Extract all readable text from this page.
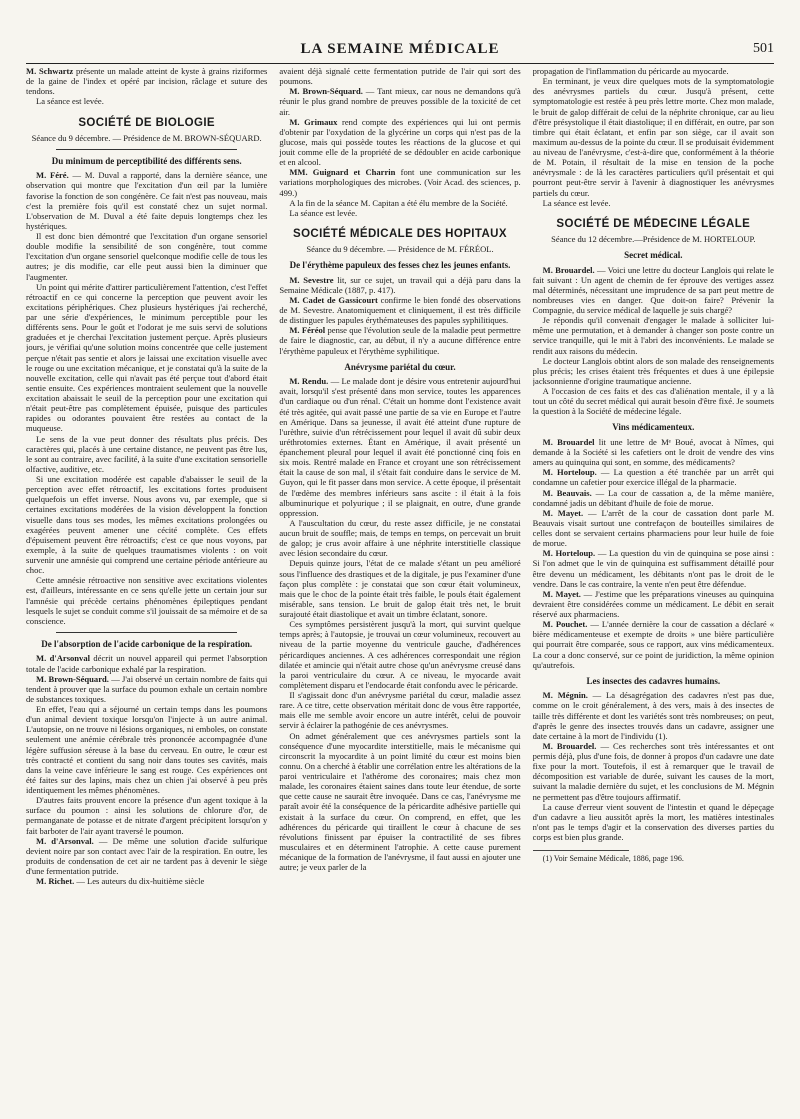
LA SEMAINE MÉDICALE	501

M. Schwartz présente un malade atteint de kyste à grains riziformes de la gaine de l'index et opéré par incision, râclage et suture des tendons.

La séance est levée.

SOCIÉTÉ DE BIOLOGIE
Séance du 9 décembre. — Présidence de M. BROWN-SÉQUARD.
Du minimum de perceptibilité des différents sens.

M. Féré. — M. Duval a rapporté, dans la dernière séance, une observation qui montre que l'excitation d'un œil par la lumière favorise la fonction de son congénère. Ce fait n'est pas nouveau, mais c'est la première fois qu'il est constaté chez un sujet normal. L'observation de M. Duval a été faite depuis longtemps chez les hystériques.

Il est donc bien démontré que l'excitation d'un organe sensoriel double modifie la sensibilité de son congénère, tout comme l'excitation d'un organe sensoriel quelconque modifie celle de tous les autres; je dis modifie, car elle peut aussi bien la diminuer que l'augmenter.

Un point qui mérite d'attirer particulièrement l'attention, c'est l'effet rétroactif en ce qui concerne la perception que peuvent avoir les excitations périphériques. Chez plusieurs hystériques j'ai recherché, par une série d'expériences, le minimum perceptible pour les différents sens. Pour le goût et l'odorat je me suis servi de solutions graduées et je cherchai l'excitation justement perçue. Après plusieurs jours, je vérifiai qu'une solution moins concentrée que celle justement perçue n'était pas sentie et alors je laissai une excitation visuelle avec le rouge ou une excitation mécanique, et je constatai qu'à la suite de la nouvelle excitation, celle qui n'avait pas été perçue tout d'abord était sentie ensuite. Ces expériences montraient seulement que la nouvelle excitation abaissait le seuil de la perception pour une excitation qui n'était peut-être pas complètement épuisée, puisque des particules rapides ou odorantes pouvaient être restées au contact de la muqueuse.

Le sens de la vue peut donner des résultats plus précis. Des caractères qui, placés à une certaine distance, ne peuvent pas être lus, le sont au contraire, avec facilité, à la suite d'une excitation sensorielle olfactive, auditive, etc.

Si une excitation modérée est capable d'abaisser le seuil de la perception avec effet rétroactif, les excitations fortes produisent quelquefois un effet inverse. Nous avons vu, par exemple, que si certaines excitations modérées de la vision développent la fonction visuelle dans tous ses modes, les mêmes excitations prolongées ou exagérées peuvent amener une cécité complète. Ces effets d'épuisement peuvent être rétroactifs; c'est ce que nous voyons, par exemple, à la suite de quelques traumatismes violents : on voit survenir une amnésie qui comprend une certaine période antérieure au choc.

Cette amnésie rétroactive non sensitive avec excitations violentes est, d'ailleurs, intéressante en ce sens qu'elle jette un certain jour sur l'amnésie qui précède certains phénomènes épileptiques pendant lesquels le sujet se conduit comme s'il jouissait de sa mémoire et de sa conscience.

De l'absorption de l'acide carbonique de la respiration.

M. d'Arsonval décrit un nouvel appareil qui permet l'absorption totale de l'acide carbonique exhalé par la respiration.

M. Brown-Séquard. — J'ai observé un certain nombre de faits qui tendent à prouver que la surface du poumon exhale un certain nombre de substances toxiques.

En effet, l'eau qui a séjourné un certain temps dans les poumons d'un animal devient toxique lorsqu'on l'injecte à un autre animal. L'autopsie, on ne trouve ni lésions organiques, ni emboles, on constate seulement une anémie cérébrale très prononcée accompagnée d'une légère suffusion séreuse à la base du cerveau. En outre, le cœur est très contracté et contient du sang noir dans toutes ses cavités, mais dans la veine cave inférieure le sang est rouge. Ces expériences ont été faites sur des lapins, mais chez un chien j'ai observé à peu près identiquement les mêmes phénomènes.

D'autres faits prouvent encore la présence d'un agent toxique à la surface du poumon : ainsi les solutions de chlorure d'or, de permanganate de potasse et de nitrate d'argent précipitent lorsqu'on y fait barboter de l'air ayant traversé le poumon.

M. d'Arsonval. — De même une solution d'acide sulfurique devient noire par son contact avec l'air de la respiration. En outre, les produits de condensation de cet air ne tardent pas à devenir le siège d'une fermentation putride.

M. Richet. — Les auteurs du dix-huitième siècle

avaient déjà signalé cette fermentation putride de l'air qui sort des poumons.

M. Brown-Séquard. — Tant mieux, car nous ne demandons qu'à réunir le plus grand nombre de preuves possible de la toxicité de cet air.

M. Grimaux rend compte des expériences qui lui ont permis d'obtenir par l'oxydation de la glycérine un corps qui n'est pas de la glucose, mais qui possède toutes les réactions de la glucose et qui jouit comme elle de la propriété de se dédoubler en acide carbonique et en alcool.

MM. Guignard et Charrin font une communication sur les variations morphologiques des microbes. (Voir Acad. des sciences, p. 499.)

A la fin de la séance M. Capitan a été élu membre de la Société.

La séance est levée.

SOCIÉTÉ MÉDICALE DES HOPITAUX
Séance du 9 décembre. — Présidence de M. FÉRÉOL.
De l'érythème papuleux des fesses chez les jeunes enfants.

M. Sevestre lit, sur ce sujet, un travail qui a déjà paru dans la Semaine Médicale (1887, p. 417).

M. Cadet de Gassicourt confirme le bien fondé des observations de M. Sevestre. Anatomiquement et cliniquement, il est très difficile de distinguer les papules érythémateuses des papules syphilitiques.

M. Féréol pense que l'évolution seule de la maladie peut permettre de faire le diagnostic, car, au début, il n'y a aucune différence entre l'érythème papuleux et l'érythème syphilitique.

Anévrysme pariétal du cœur.

M. Rendu. — Le malade dont je désire vous entretenir aujourd'hui avait, lorsqu'il s'est présenté dans mon service, toutes les apparences d'un cardiaque ou d'un rénal. C'était un homme dont l'existence avait été très agitée, qui avait passé une partie de sa vie en Europe et l'autre en Amérique. Dans sa jeunesse, il avait été atteint d'une rupture de l'urèthre, suivie d'un rétrécissement pour lequel il avait dû subir deux uréthrotomies externes. Étant en Amérique, il avait présenté un épanchement pleural pour lequel il avait été ponctionné cinq fois en six mois. Rentré malade en France et croyant une son rétrécissement était la cause de son mal, il s'était fait conduire dans le service de M. Guyon, qui le fit passer dans mon service. A cette époque, il présentait de l'œdème des membres inférieurs sans ascite : il était à la fois albuminurique et polyurique ; il se plaignait, en outre, d'une grande oppression.

A l'auscultation du cœur, du reste assez difficile, je ne constatai aucun bruit de souffle; mais, de temps en temps, on percevait un bruit de galop; je crus avoir affaire à une néphrite interstitielle classique avec lésion secondaire du cœur.

Depuis quinze jours, l'état de ce malade s'étant un peu amélioré sous l'influence des drastiques et de la digitale, je pus l'examiner d'une façon plus complète : je constatai que son cœur était volumineux, mais que le choc de la pointe était très faible, le pouls était également misérable, sans tension. Le bruit de galop était très net, le bruit surajouté était diastolique et avait un timbre éclatant, sonore.

Ces symptômes persistèrent jusqu'à la mort, qui survint quelque temps après; à l'autopsie, je trouvai un cœur volumineux, recouvert au niveau de la partie moyenne du ventricule gauche, d'adhérences péricardiques anciennes. A ces adhérences correspondait une région dilatée et amincie qui n'était autre chose qu'un anévrysme creusé dans la paroi ventriculaire du cœur. A ce niveau, le myocarde avait complètement disparu et l'endocarde était confondu avec le péricarde.

Il s'agissait donc d'un anévrysme pariétal du cœur, maladie assez rare. A ce titre, cette observation méritait donc de vous être rapportée, mais elle me semble avoir encore un autre intérêt, celui de pouvoir servir à éclairer la pathogénie de ces anévrysmes.

On admet généralement que ces anévrysmes partiels sont la conséquence d'une myocardite interstitielle, mais le mécanisme qui circonscrit la myocardite à un point limité du cœur est moins bien connu. On a cherché à établir une corrélation entre les altérations de la paroi ventriculaire et l'athérome des coronaires; mais chez mon malade, les coronaires étaient saines dans toute leur étendue, de sorte que cette cause ne saurait être invoquée. Dans ce cas, l'anévrysme me paraît avoir été la conséquence de la péricardite adhésive partielle qui existait à la surface du cœur. On comprend, en effet, que les adhérences du péricarde qui tiraillent le cœur à chacune de ses révolutions finissent par épuiser la contractilité de ses fibres musculaires et en déterminent l'atrophie. A cette cause purement mécanique de la formation de l'anévrysme, il faut aussi en ajouter une autre; je veux parler de la

propagation de l'inflammation du péricarde au myocarde.

En terminant, je veux dire quelques mots de la symptomatologie des anévrysmes partiels du cœur. Jusqu'à présent, cette symptomatologie est restée à peu près lettre morte. Chez mon malade, le bruit de galop différait de celui de la néphrite chronique, car au lieu d'être présystolique il était diastolique; il en différait, en outre, par son timbre qui était éclatant, et enfin par son siège, car il avait son maximum au-dessus de la pointe du cœur. Il se produisait évidemment au niveau de l'anévrysme, c'est-à-dire que, conformément à la théorie de M. Potain, il résultait de la mise en tension de la poche anévrysmale : de là les caractères particuliers qu'il présentait et qui pourront peut-être servir à l'avenir à diagnostiquer les anévrysmes partiels du cœur.

La séance est levée.

SOCIÉTÉ DE MÉDECINE LÉGALE
Séance du 12 décembre.—Présidence de M. HORTELOUP.
Secret médical.

M. Brouardel. — Voici une lettre du docteur Langlois qui relate le fait suivant : Un agent de chemin de fer éprouve des vertiges assez mal déterminés, nécessitant une imprudence de sa part peut mettre de nombreuses vies en danger. Que doit-on faire? Prévenir la Compagnie, du service médical de laquelle je suis chargé?

Je répondis qu'il convenait d'engager le malade à solliciter lui-même une permutation, et à demander à changer son poste contre un service tranquille, qui le mit à l'abri des inconvénients. Le malade se rendit aux raisons du médecin.

Le docteur Langlois obtint alors de son malade des renseignements plus précis; les crises étaient très fréquentes et dues à une épilepsie jacksonnienne d'origine traumatique ancienne.

A l'occasion de ces faits et des cas d'aliénation mentale, il y a là tout un côté du secret médical qui aurait besoin d'être fixé. Je soumets la question à la Société de médecine légale.

Vins médicamenteux.

M. Brouardel lit une lettre de Mᵉ Boué, avocat à Nîmes, qui demande à la Société si les cafetiers ont le droit de vendre des vins amers au quinquina qui sont, en somme, des médicaments?

M. Horteloup. — La question a été tranchée par un arrêt qui condamne un cafetier pour exercice illégal de la pharmacie.

M. Beauvais. — La cour de cassation a, de la même manière, condamné jadis un débitant d'huile de foie de morue.

M. Mayet. — L'arrêt de la cour de cassation dont parle M. Beauvais visait surtout une contrefaçon de bouteilles similaires de celles dont se servaient certains pharmaciens pour leur huile de foie de morue.

M. Horteloup. — La question du vin de quinquina se pose ainsi : Si l'on admet que le vin de quinquina est suffisamment détaillé pour être devenu un médicament, les débitants n'ont pas le droit de le vendre. Dans le cas contraire, la vente n'en peut être défendue.

M. Mayet. — J'estime que les préparations vineuses au quinquina devraient être considérées comme un médicament. Le débit en serait réservé aux pharmaciens.

M. Pouchet. — L'année dernière la cour de cassation a déclaré « bière médicamenteuse et exempte de droits » une bière particulière qui pourrait être comparée, sous ce rapport, aux vins médicamenteux. La cour a donc conservé, sur ce point de juridiction, la même opinion qu'autrefois.

Les insectes des cadavres humains.

M. Mégnin. — La désagrégation des cadavres n'est pas due, comme on le croit généralement, à des vers, mais à des insectes de taille très différente et dont les variétés sont très nombreuses; on peut, d'après le genre des insectes trouvés dans un cadavre, assigner une date certaine à la mort de l'individu (1).

M. Brouardel. — Ces recherches sont très intéressantes et ont permis déjà, plus d'une fois, de donner à propos d'un cadavre une date fixe pour la mort. Toutefois, il est à remarquer que le travail de décomposition est variable de durée, suivant les causes de la mort, suivant la maladie dernière du sujet, et les conclusions de M. Mégnin ne permettent pas d'être toujours affirmatif.

La cause d'erreur vient souvent de l'intestin et quand le dépeçage d'un cadavre a lieu aussitôt après la mort, les matières intestinales n'ont pas le temps d'agir et la conservation des diverses parties du corps est bien plus grande.

(1) Voir Semaine Médicale, 1886, page 196.
